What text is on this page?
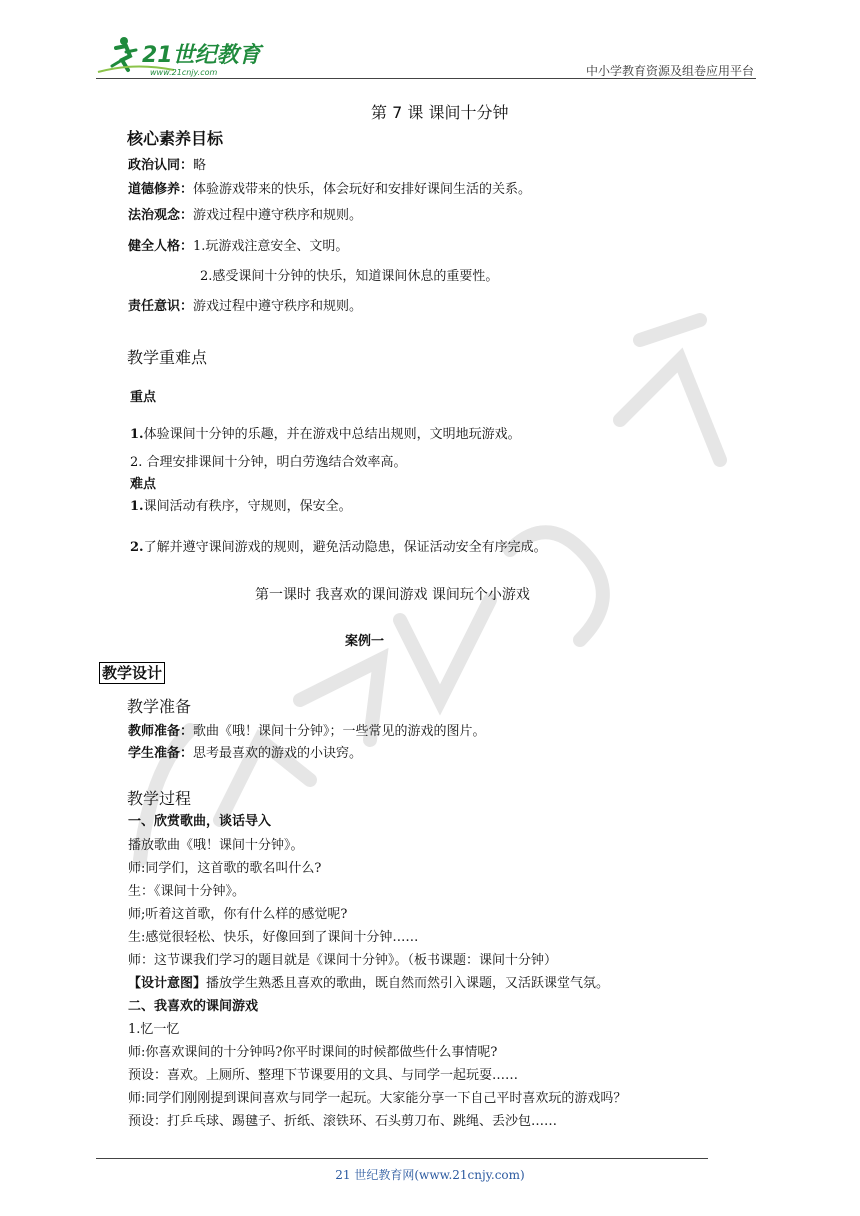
21世纪教育
www.21cnjy.com	中小学教育资源及组卷应用平台
第 7 课 课间十分钟
核心素养目标
政治认同：略
道德修养：体验游戏带来的快乐，体会玩好和安排好课间生活的关系。
法治观念：游戏过程中遵守秩序和规则。
健全人格：1.玩游戏注意安全、文明。
2.感受课间十分钟的快乐，知道课间休息的重要性。
责任意识：游戏过程中遵守秩序和规则。
教学重难点
重点
1.体验课间十分钟的乐趣，并在游戏中总结出规则，文明地玩游戏。
2. 合理安排课间十分钟，明白劳逸结合效率高。
难点
1.课间活动有秩序，守规则，保安全。
2.了解并遵守课间游戏的规则，避免活动隐患，保证活动安全有序完成。
第一课时 我喜欢的课间游戏 课间玩个小游戏
案例一
教学设计
教学准备
教师准备：歌曲《哦！课间十分钟》；一些常见的游戏的图片。
学生准备：思考最喜欢的游戏的小诀窍。
教学过程
一、欣赏歌曲，谈话导入
播放歌曲《哦！课间十分钟》。
师:同学们，这首歌的歌名叫什么?
生：《课间十分钟》。
师;听着这首歌，你有什么样的感觉呢?
生:感觉很轻松、快乐，好像回到了课间十分钟……
师：这节课我们学习的题目就是《课间十分钟》。（板书课题：课间十分钟）
【设计意图】播放学生熟悉且喜欢的歌曲，既自然而然引入课题，又活跃课堂气氛。
二、我喜欢的课间游戏
1.忆一忆
师:你喜欢课间的十分钟吗?你平时课间的时候都做些什么事情呢?
预设：喜欢。上厕所、整理下节课要用的文具、与同学一起玩耍……
师:同学们刚刚提到课间喜欢与同学一起玩。大家能分享一下自己平时喜欢玩的游戏吗？
预设：打乒乓球、踢毽子、折纸、滚铁环、石头剪刀布、跳绳、丢沙包……
21 世纪教育网(www.21cnjy.com)
